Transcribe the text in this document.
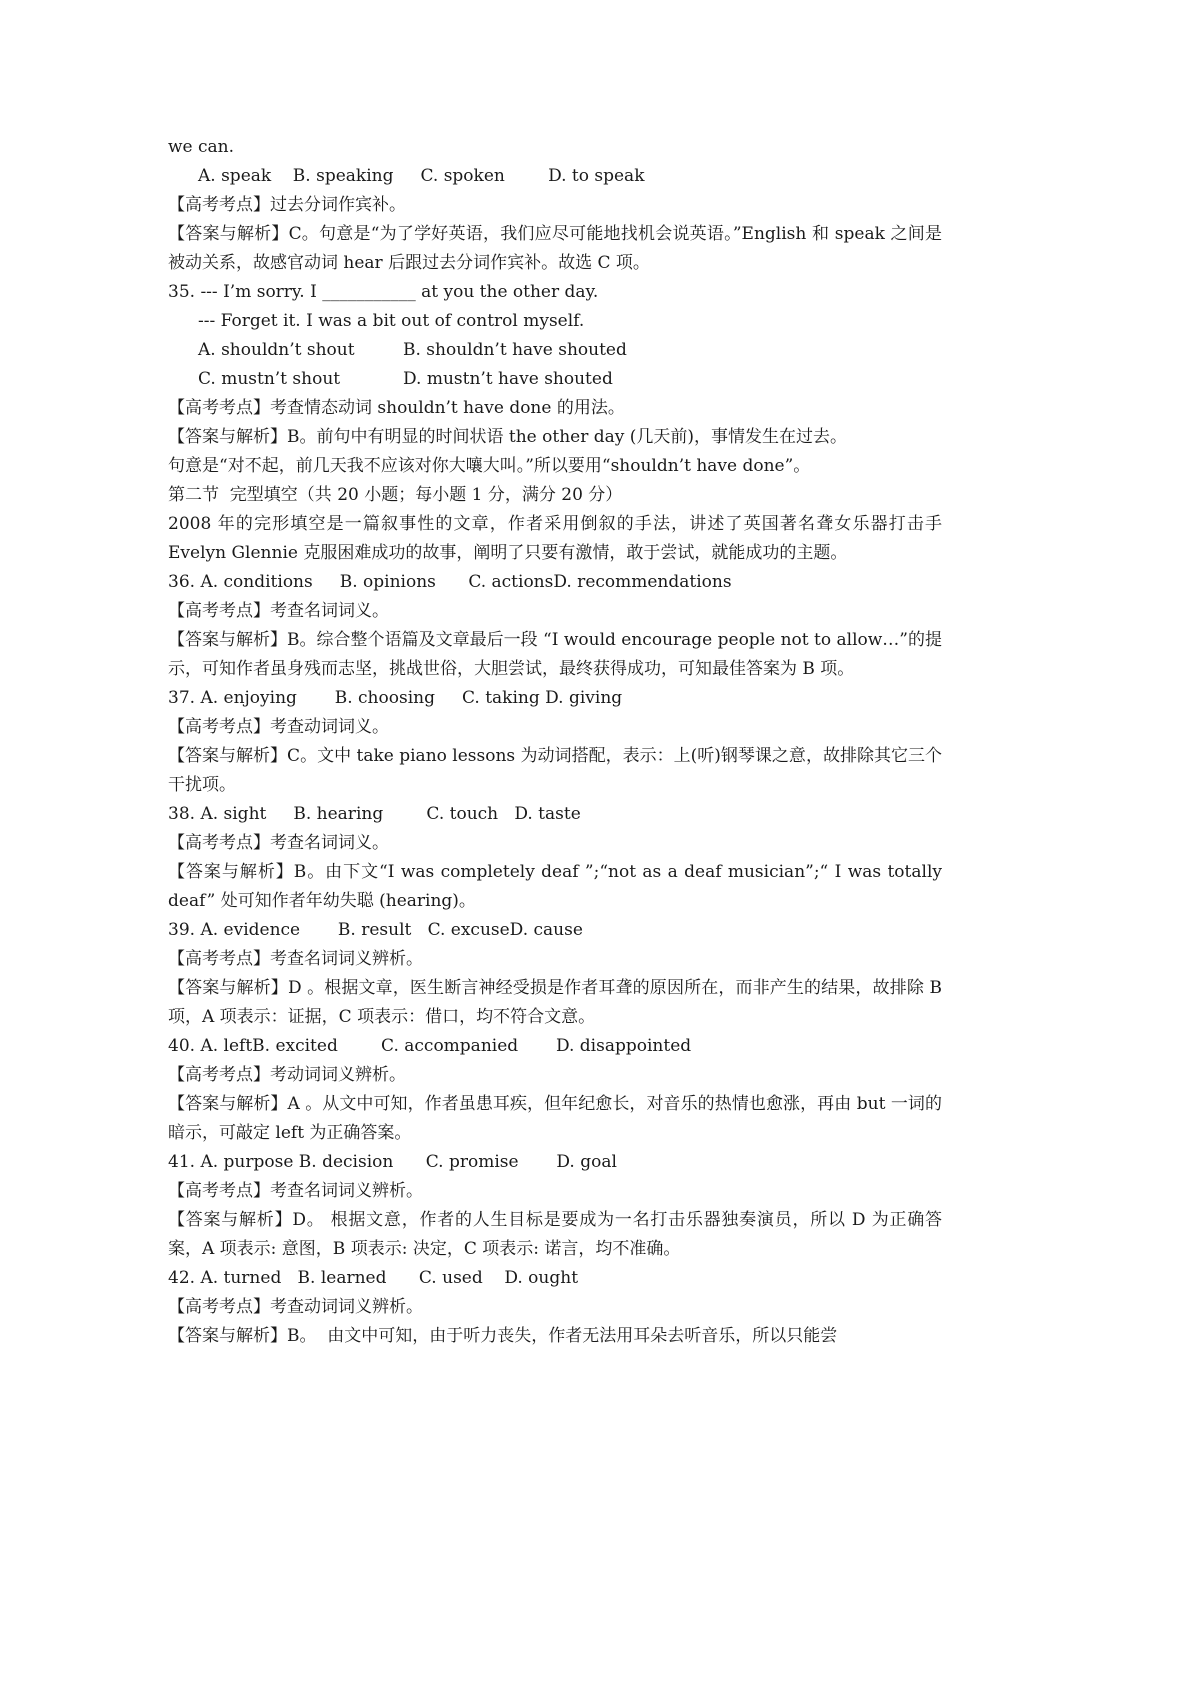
we can.
A. speak    B. speaking     C. spoken        D. to speak
【高考考点】过去分词作宾补。

【答案与解析】C。句意是“为了学好英语，我们应尽可能地找机会说英语。”English 和 speak 之间是被动关系，故感官动词 hear 后跟过去分词作宾补。故选 C 项。

35. --- I’m sorry. I ___________ at you the other day.
--- Forget it. I was a bit out of control myself.
A. shouldn’t shout	B. shouldn’t have shouted
C. mustn’t shout	D. mustn’t have shouted
【高考考点】考查情态动词 shouldn’t have done 的用法。
【答案与解析】B。前句中有明显的时间状语 the other day (几天前)，事情发生在过去。
句意是“对不起，前几天我不应该对你大嚷大叫。”所以要用“shouldn’t have done”。
第二节  完型填空（共 20 小题；每小题 1 分，满分 20 分）

2008 年的完形填空是一篇叙事性的文章，作者采用倒叙的手法，讲述了英国著名聋女乐器打击手 Evelyn Glennie 克服困难成功的故事，阐明了只要有激情，敢于尝试，就能成功的主题。

36. A. conditions     B. opinions      C. actionsD. recommendations
【高考考点】考查名词词义。

【答案与解析】B。综合整个语篇及文章最后一段 “I would encourage people not to allow…”的提示，可知作者虽身残而志坚，挑战世俗，大胆尝试，最终获得成功，可知最佳答案为 B 项。

37. A. enjoying       B. choosing     C. taking D. giving
【高考考点】考查动词词义。

【答案与解析】C。文中 take piano lessons 为动词搭配，表示：上(听)钢琴课之意，故排除其它三个干扰项。

38. A. sight     B. hearing        C. touch   D. taste
【高考考点】考查名词词义。

【答案与解析】B。由下文“I was completely deaf ”;“not as a deaf musician”;“ I was totally deaf” 处可知作者年幼失聪 (hearing)。

39. A. evidence       B. result   C. excuseD. cause
【高考考点】考查名词词义辨析。

【答案与解析】D 。根据文章，医生断言神经受损是作者耳聋的原因所在，而非产生的结果，故排除 B 项，A 项表示：证据，C 项表示：借口，均不符合文意。

40. A. leftB. excited        C. accompanied       D. disappointed
【高考考点】考动词词义辨析。

【答案与解析】A 。从文中可知，作者虽患耳疾，但年纪愈长，对音乐的热情也愈涨，再由 but 一词的暗示，可敲定 left 为正确答案。

41. A. purpose B. decision      C. promise       D. goal
【高考考点】考查名词词义辨析。

【答案与解析】D。 根据文意，作者的人生目标是要成为一名打击乐器独奏演员，所以 D 为正确答案，A 项表示: 意图，B 项表示: 决定，C 项表示: 诺言，均不准确。

42. A. turned   B. learned      C. used    D. ought
【高考考点】考查动词词义辨析。
【答案与解析】B。  由文中可知，由于听力丧失，作者无法用耳朵去听音乐，所以只能尝
